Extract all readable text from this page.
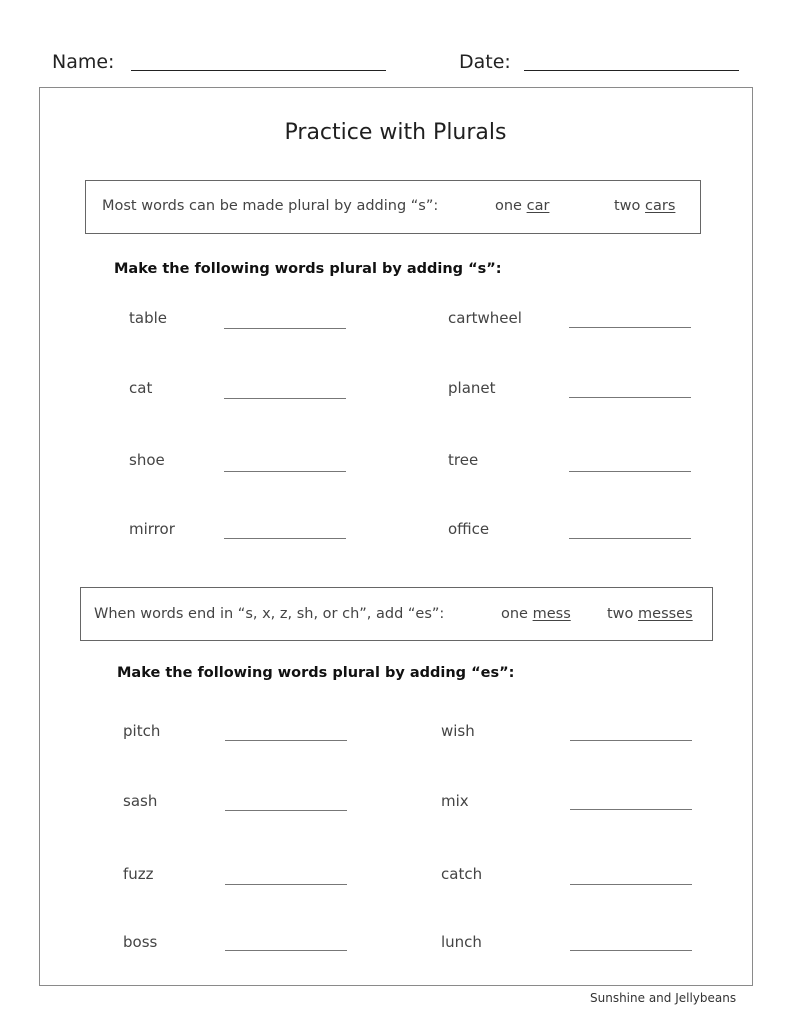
Name:	Date:
Practice with Plurals
Most words can be made plural by adding “s”:	one car	two cars
Make the following words plural by adding “s”:
table	cartwheel
cat	planet
shoe	tree
mirror	office
When words end in “s, x, z, sh, or ch”, add “es”:	one mess	two messes
Make the following words plural by adding “es”:
pitch	wish
sash	mix
fuzz	catch
boss	lunch
Sunshine and Jellybeans
